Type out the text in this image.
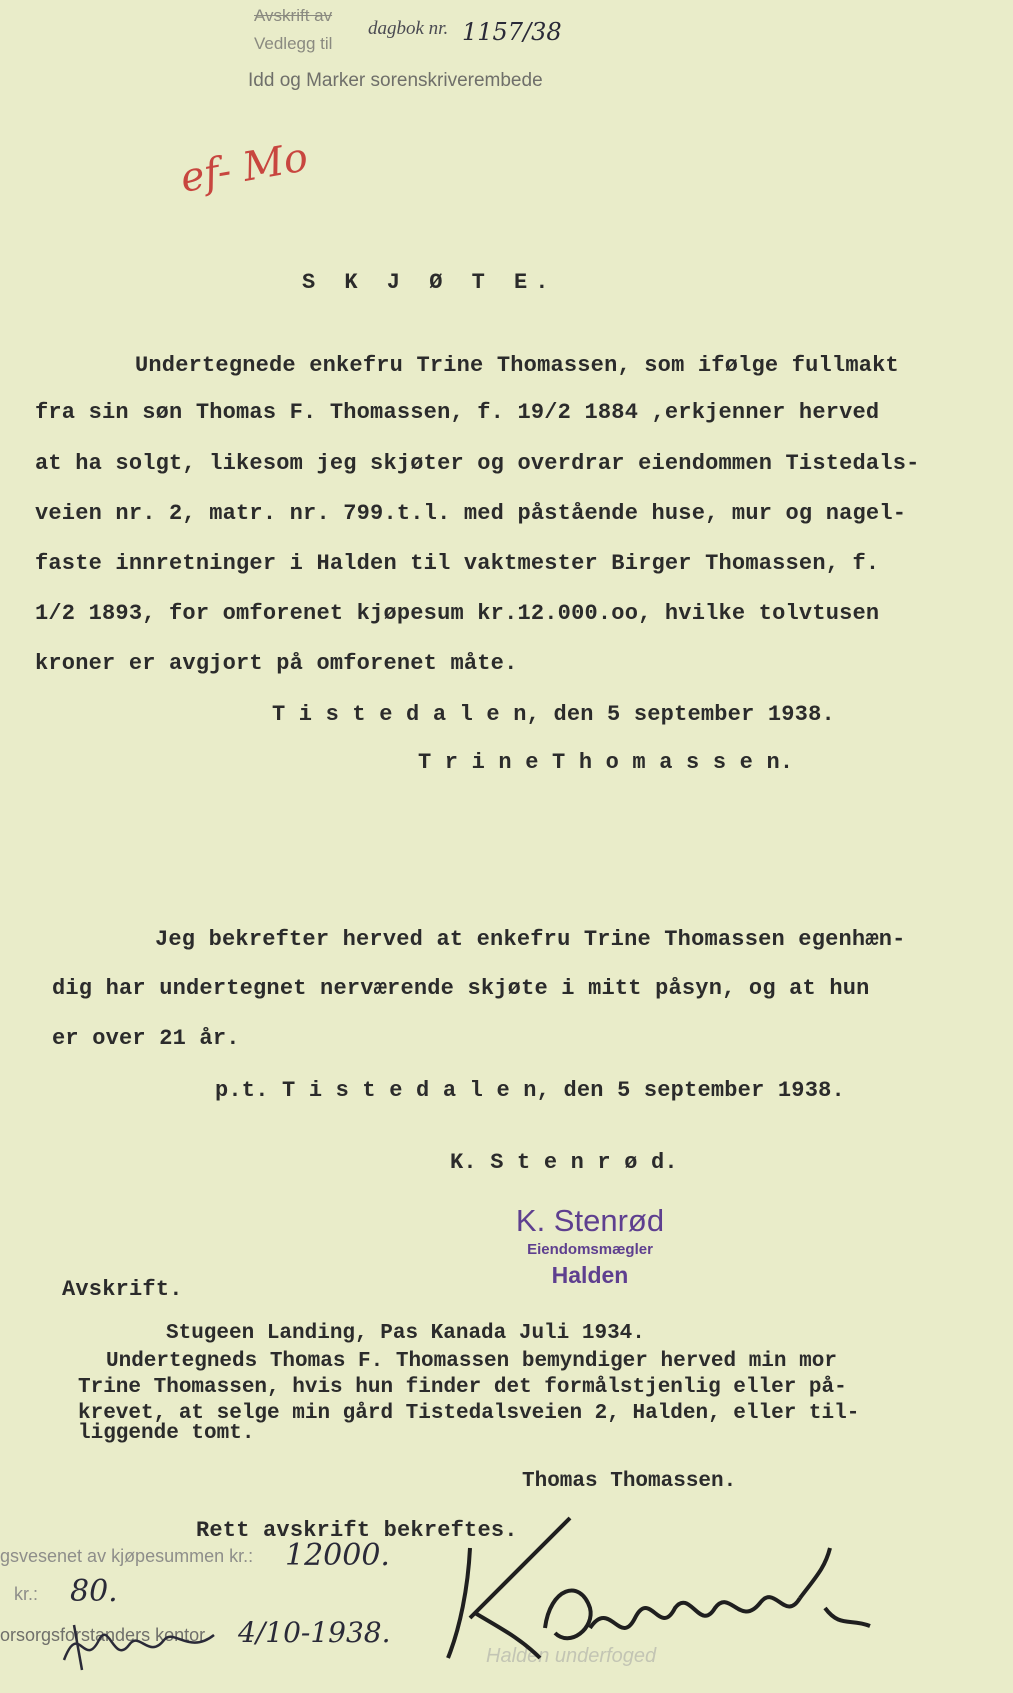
Avskrift av
dagbok nr. 1157/38
Vedlegg til
Idd og Marker sorenskriverembede
ef- Mo
S K J Ø T E.
Undertegnede enkefru Trine Thomassen, som ifølge fullmakt
fra sin søn Thomas F. Thomassen, f. 19/2 1884 ,erkjenner herved
at ha solgt, likesom jeg skjøter og overdrar eiendommen Tistedals-
veien nr. 2, matr. nr. 799.t.l. med påstående huse, mur og nagel-
faste innretninger i Halden til vaktmester Birger Thomassen, f.
1/2 1893, for omforenet kjøpesum kr.12.000.oo, hvilke tolvtusen
kroner er avgjort på omforenet måte.
T i s t e d a l e n, den 5 september 1938.
T r i n e T h o m a s s e n.
Jeg bekrefter herved at enkefru Trine Thomassen egenhæn-
dig har undertegnet nerværende skjøte i mitt påsyn, og at hun
er over 21 år.
p.t. T i s t e d a l e n, den 5 september 1938.
K. S t e n r ø d.
K. Stenrød
Eiendomsmægler
Halden
Avskrift.
Stugeen Landing, Pas Kanada Juli 1934.
Undertegneds Thomas F. Thomassen bemyndiger herved min mor
Trine Thomassen, hvis hun finder det formålstjenlig eller på-
krevet, at selge min gård Tistedalsveien 2, Halden, eller til-
liggende tomt.
Thomas Thomassen.
Rett avskrift bekreftes.
gsvesenet av kjøpesummen kr.: 12000.
kr.: 80.
orsorgsforstanders kontor 4/10-1938.
Halden underfoged
